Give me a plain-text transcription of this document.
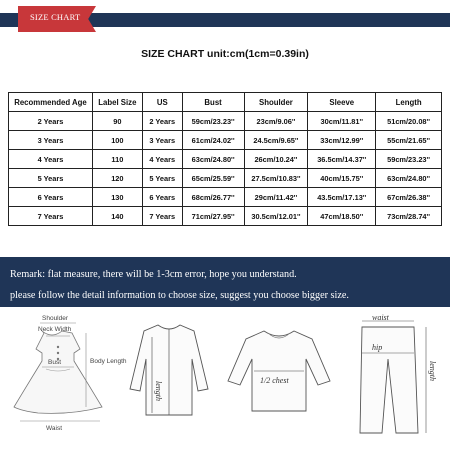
SIZE CHART
SIZE CHART unit:cm(1cm=0.39in)
Recommended Age	Label Size	US	Bust	Shoulder	Sleeve	Length
2 Years	90	2 Years	59cm/23.23''	23cm/9.06''	30cm/11.81''	51cm/20.08''
3 Years	100	3 Years	61cm/24.02''	24.5cm/9.65''	33cm/12.99''	55cm/21.65''
4 Years	110	4 Years	63cm/24.80''	26cm/10.24''	36.5cm/14.37''	59cm/23.23''
5 Years	120	5 Years	65cm/25.59''	27.5cm/10.83''	40cm/15.75''	63cm/24.80''
6 Years	130	6 Years	68cm/26.77''	29cm/11.42''	43.5cm/17.13''	67cm/26.38''
7 Years	140	7 Years	71cm/27.95''	30.5cm/12.01''	47cm/18.50''	73cm/28.74''
Remark: flat measure, there will be 1-3cm error, hope you understand.
please follow the detail information to choose size, suggest you choose bigger size.
Shoulder
Neck Width
Bust
Waist
Body Length
length
1/2 chest
waist
hip
length
